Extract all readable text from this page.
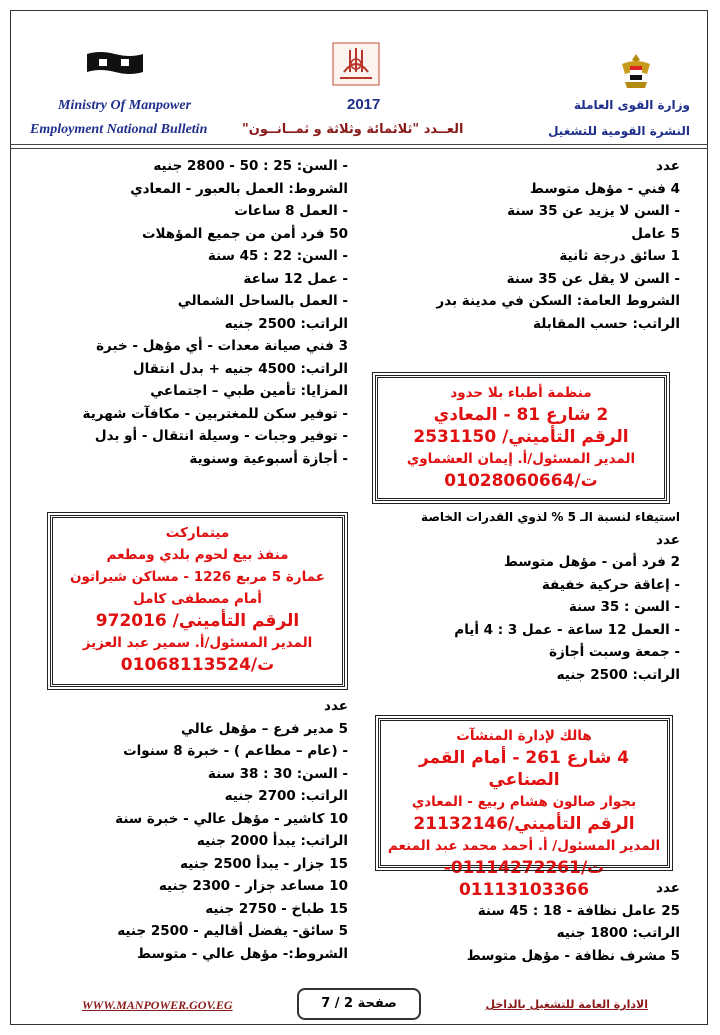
Ministry Of Manpower
Employment National Bulletin
2017
العــدد "ثلاثمائة وثلاثة و ثمــانــون"
وزارة القوى العاملة
النشرة القومية للتشغيل
عدد
4 فني - مؤهل متوسط
- السن لا يزيد عن 35 سنة
5 عامل
1 سائق درجة ثانية
- السن لا يقل عن 35 سنة
الشروط العامة: السكن في مدينة بدر
الراتب: حسب المقابلة
منظمة أطباء بلا حدود
2 شارع 81 - المعادي
الرقم التأميني/ 2531150
المدير المسئول/أ. إيمان العشماوي
ت/01028060664
استيفاء لنسبة الـ 5 % لذوي القدرات الخاصة
عدد
2 فرد أمن - مؤهل متوسط
- إعاقة حركية خفيفة
- السن : 35 سنة
- العمل 12 ساعة - عمل 3 : 4 أيام
- جمعة وسبت أجازة
الراتب: 2500 جنيه
هالك لإدارة المنشآت
4 شارع 261 - أمام القمر الصناعي
بجوار صالون هشام ربيع - المعادي
الرقم التأميني/21132146
المدير المسئول/ أ. أحمد محمد عبد المنعم
ت/01114272261-01113103366	عدد
25 عامل نظافة - 18 : 45 سنة
الراتب: 1800 جنيه
5 مشرف نظافة - مؤهل متوسط
- السن: 25 : 50 - 2800 جنيه
الشروط: العمل بالعبور - المعادي
- العمل 8 ساعات
50 فرد أمن من جميع المؤهلات
- السن: 22 : 45 سنة
- عمل 12 ساعة
- العمل بالساحل الشمالي
الراتب: 2500 جنيه
3 فني صيانة معدات - أي مؤهل - خبرة
الراتب: 4500 جنيه + بدل انتقال
المزايا: تأمين طبي – اجتماعي
- توفير سكن للمغتربين - مكافآت شهرية
- توفير وجبات - وسيلة انتقال - أو بدل
- أجازة أسبوعية وسنوية
ميتماركت
منفذ بيع لحوم بلدي ومطعم
عمارة 5 مربع 1226 - مساكن شيراتون
أمام مصطفى كامل
الرقم التأميني/ 972016
المدير المسئول/أ. سمير عبد العزيز
ت/01068113524
عدد
5 مدير فرع – مؤهل عالي
- (عام – مطاعم ) - خبرة 8 سنوات
- السن: 30 : 38 سنة
الراتب: 2700 جنيه
10 كاشير - مؤهل عالي - خبرة سنة
الراتب: يبدأ 2000 جنيه
15 جزار - يبدأ 2500 جنيه
10 مساعد جزار - 2300 جنيه
15 طباخ - 2750 جنيه
5 سائق- يفضل أقاليم - 2500 جنيه
الشروط:- مؤهل عالي - متوسط
WWW.MANPOWER.GOV.EG	صفحة 2 / 7	الادارة العامة للتشغيل بالداخل
